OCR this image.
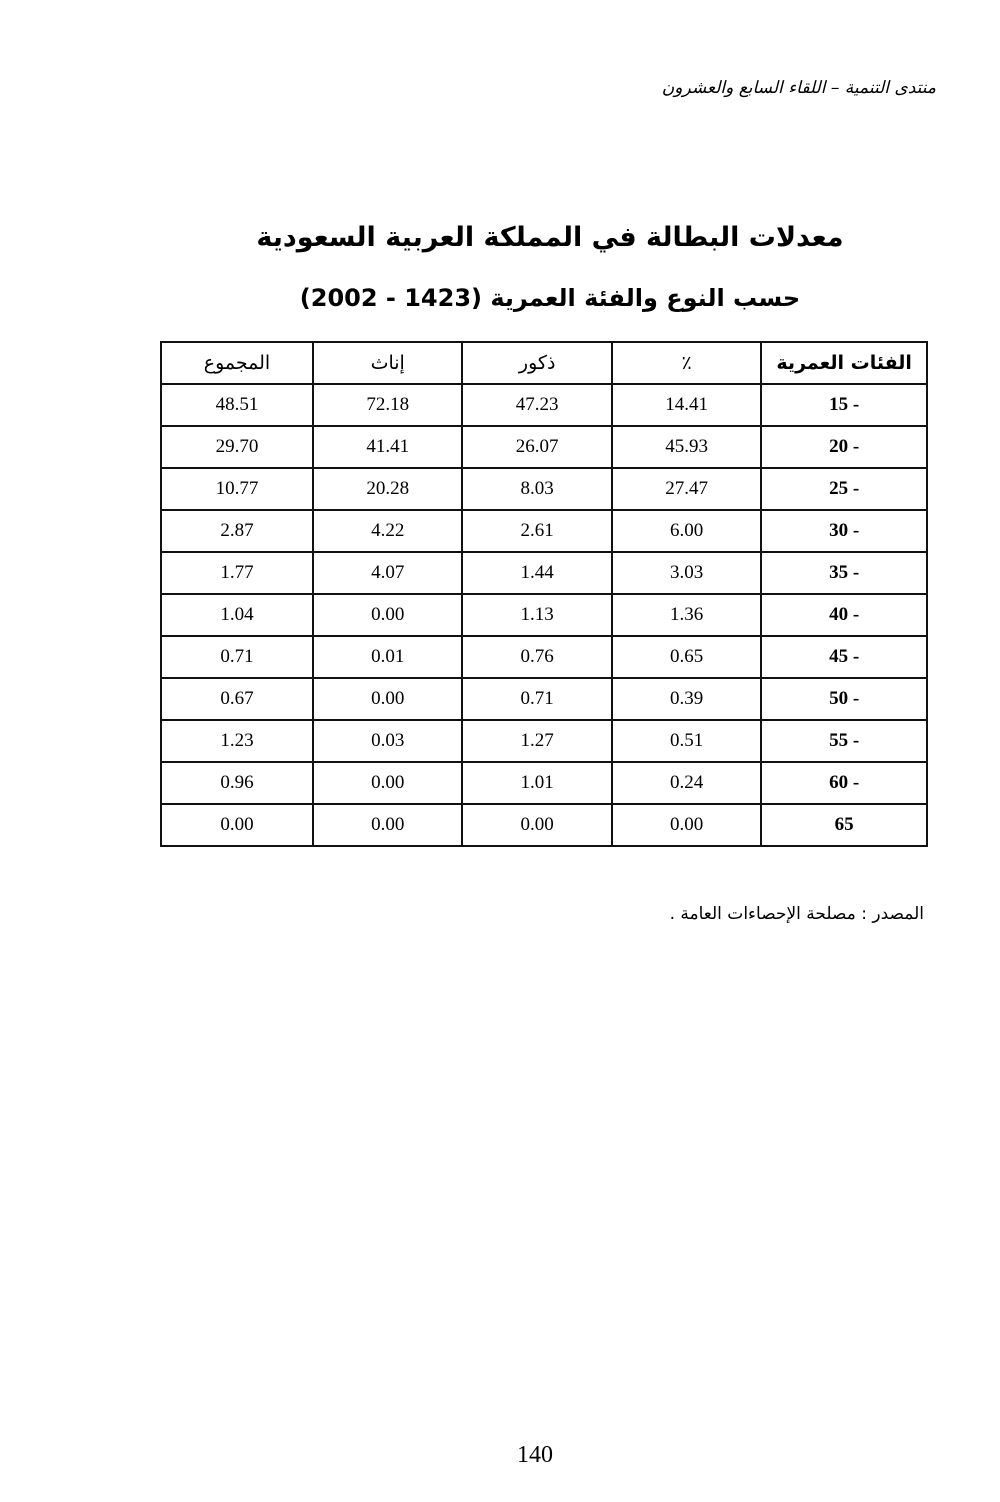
منتدى التنمية – اللقاء السابع والعشرون
معدلات البطالة في المملكة العربية السعودية
حسب النوع والفئة العمرية (1423 - 2002)
الفئات العمرية	٪	ذكور	إناث	المجموع
15 -	14.41	47.23	72.18	48.51
20 -	45.93	26.07	41.41	29.70
25 -	27.47	8.03	20.28	10.77
30 -	6.00	2.61	4.22	2.87
35 -	3.03	1.44	4.07	1.77
40 -	1.36	1.13	0.00	1.04
45 -	0.65	0.76	0.01	0.71
50 -	0.39	0.71	0.00	0.67
55 -	0.51	1.27	0.03	1.23
60 -	0.24	1.01	0.00	0.96
65	0.00	0.00	0.00	0.00
المصدر : مصلحة الإحصاءات العامة .
140
